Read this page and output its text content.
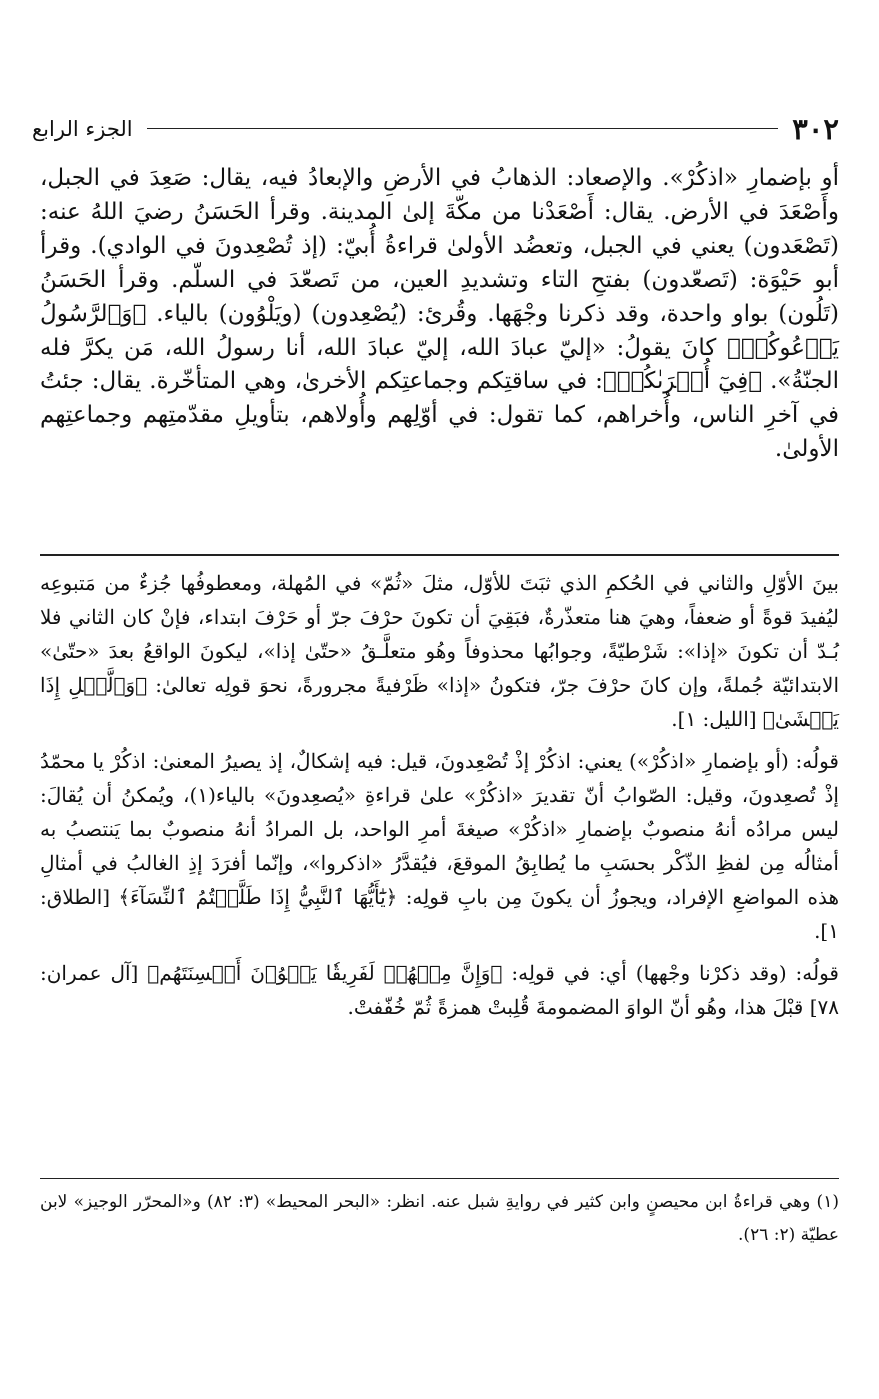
٣٠٢
الجزء الرابع

أو بإضمارِ «اذكُرْ». والإصعاد: الذهابُ في الأرضِ والإبعادُ فيه، يقال: صَعِدَ في الجبل، وأَصْعَدَ في الأرض. يقال: أَصْعَدْنا من مكّةَ إلىٰ المدينة. وقرأ الحَسَنُ رضيَ اللهُ عنه: (تَصْعَدون) يعني في الجبل، وتعضُد الأولىٰ قراءةُ أُبيّ: (إذ تُصْعِدونَ في الوادي). وقرأ أبو حَيْوَة: (تَصعّدون) بفتحِ التاء وتشديدِ العين، من تَصعّدَ في السلّم. وقرأ الحَسَنُ (تَلُون) بواو واحدة، وقد ذكرنا وجْهَها. وقُرئ: (يُصْعِدون) (ويَلْوُون) بالياء. ﴿وَٱلرَّسُولُ يَدۡعُوكُمۡ﴾ كانَ يقولُ: «إليّ عبادَ الله، إليّ عبادَ الله، أنا رسولُ الله، مَن يكرَّ فله الجنّةُ». ﴿فِيٓ أُخۡرَىٰكُمۡ﴾: في ساقتِكم وجماعتِكم الأخرىٰ، وهي المتأخّرة. يقال: جئتُ في آخرِ الناس، وأُخراهم، كما تقول: في أوّلِهم وأُولاهم، بتأويلِ مقدّمتِهم وجماعتِهم الأولىٰ.

بينَ الأوّلِ والثاني في الحُكمِ الذي ثبَتَ للأوّل، مثلَ «ثُمّ» في المُهلة، ومعطوفُها جُزءٌ من مَتبوعِه ليُفيدَ قوةً أو ضعفاً، وهيَ هنا متعذّرةٌ، فبَقِيَ أن تكونَ حرْفَ جرّ أو حَرْفَ ابتداء، فإنْ كان الثاني فلا بُـدّ أن تكونَ «إذا»: شَرْطيّةً، وجوابُها محذوفاً وهُو متعلَّـقُ «حتّىٰ إذا»، ليكونَ الواقعُ بعدَ «حتّىٰ» الابتدائيّة جُملةً، وإن كانَ حرْفَ جرّ، فتكونُ «إذا» ظَرْفيةً مجرورةً، نحوَ قولِه تعالىٰ: ﴿وَٱلَّيۡلِ إِذَا يَغۡشَىٰ﴾ [الليل: ١].

قولُه: (أو بإضمارِ «اذكُرْ») يعني: اذكُرْ إذْ تُصْعِدونَ، قيل: فيه إشكالٌ، إذ يصيرُ المعنىٰ: اذكُرْ يا محمّدُ إذْ تُصعِدونَ، وقيل: الصّوابُ أنّ تقديرَ «اذكُرْ» علىٰ قراءةِ «يُصعِدونَ» بالياء(١)، ويُمكنُ أن يُقالَ: ليس مرادُه أنهُ منصوبٌ بإضمارِ «اذكُرْ» صيغةَ أمرِ الواحد، بل المرادُ أنهُ منصوبٌ بما يَنتصبُ به أمثالُه مِن لفظِ الذّكْر بحسَبِ ما يُطابِقُ الموقعَ، فيُقدَّرُ «اذكروا»، وإنّما أفرَدَ إذِ الغالبُ في أمثالِ هذه المواضعِ الإفراد، ويجوزُ أن يكونَ مِن بابِ قولِه: ﴿يَٰٓأَيُّهَا ٱلنَّبِيُّ إِذَا طَلَّقۡتُمُ ٱلنِّسَآءَ﴾ [الطلاق: ١].

قولُه: (وقد ذكرْنا وجْهها) أي: في قولِه: ﴿وَإِنَّ مِنۡهُمۡ لَفَرِيقٗا يَلۡوُۥنَ أَلۡسِنَتَهُم﴾ [آل عمران: ٧٨] قبْلَ هذا، وهُو أنّ الواوَ المضمومةَ قُلِبتْ همزةً ثُمّ خُفّفتْ.

(١) وهي قراءةُ ابن محيصنٍ وابن كثير في روايةِ شبل عنه. انظر: «البحر المحيط» (٣: ٨٢) و«المحرّر الوجيز» لابن عطيّة (٢: ٢٦).
